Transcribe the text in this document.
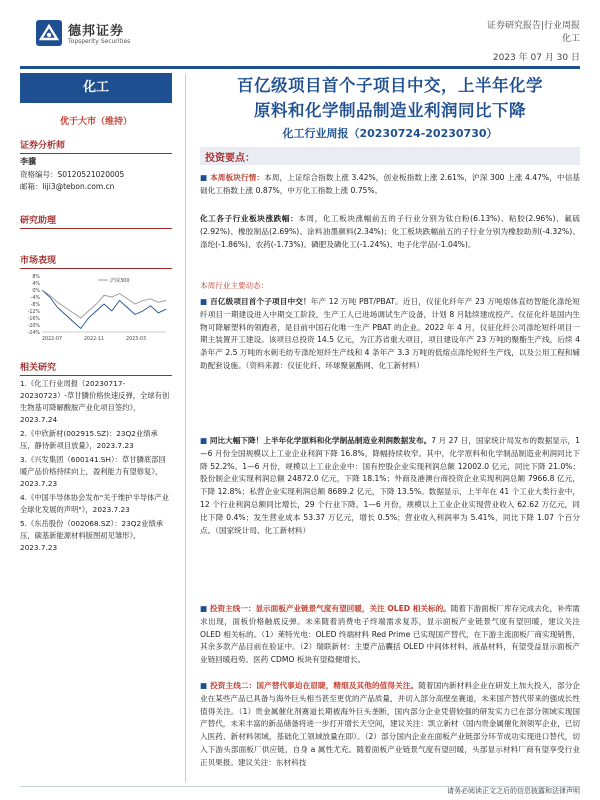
德邦证券
Topsperity Securities
证券研究报告|行业周报
化工
2023 年 07 月 30 日
化工
优于大市（维持）
证券分析师
李骥
资格编号：S0120521020005
邮箱：liji3@tebon.com.cn
研究助理
市场表现
8%
4%
0%
-4%
-8%
-12%
-16%
-20%
-24%
2022-07	2022-11	2023-03
沪深300
相关研究
1.《化工行业周报（20230717-20230723）-草甘膦价格快速反弹，全球有创生物基可降解酸胺产业化项目签约》，2023.7.24
2.《中欣新材(002915.SZ)：23Q2业绩承压，静待新项目放量》，2023.7.23
3.《兴发集团（600141.SH）：草甘膦底部回暖产品价格持续向上，盈利能力有望修复》，2023.7.23
4.《中国半导体协会发布"关于维护半导体产业全球化发展的声明"》，2023.7.23
5.《东岳股份（002068.SZ）：23Q2业绩承压，碳基新能源材料版图初见雏形》，2023.7.23
百亿级项目首个子项目中交，上半年化学
原料和化学制品制造业利润同比下降
化工行业周报（20230724-20230730）
投资要点：
■ 本周板块行情：本周，上证综合指数上涨 3.42%，创业板指数上涨 2.61%，沪深 300 上涨 4.47%，中信基础化工指数上涨 0.87%，中万化工指数上涨 0.75%。
化工各子行业板块涨跌幅：本周，化工板块涨幅前五的子行业分别为钛白粉(6.13%)、粘胶(2.96%)、氟硫(2.92%)、橡胶制品(2.69%)、涂料油墨颜料(2.34%)；化工板块跌幅前五的子行业分别为橡胶助剂(-4.32%)、涤纶(-1.86%)、农药(-1.73%)、磷肥及磷化工(-1.24%)、电子化学品(-1.04%)。
本周行业主要动态：
■ 百亿级项目首个子项目中交！年产 12 万吨 PBT/PBAT。近日，仪征化纤年产 23 万吨熔体直纺智能化涤纶短纤项目一期建设进入中期交工阶段，生产工人已进场调试生产设备，计划 8 月陆续建成投产。仪征化纤是国内生物可降解塑料的领跑者，是目前中国石化唯一生产 PBAT 的企业。2022 年 4 月，仪征化纤公司涤纶短纤项目一期主装置开工建设。该项目总投资 14.5 亿元，为江苏省重大项目，项目建设年产 23 万吨的聚酯生产线，后续 4 条年产 2.5 万吨的水刺毛纺专涤纶短纤生产线和 4 条年产 3.3 万吨的低熔点涤纶短纤生产线，以及公用工程和辅助配套设施。（资料来源：仪征化纤、环球聚氨酯网、化工新材料）
■ 同比大幅下降！上半年化学原料和化学制品制造业利润数据发布。7 月 27 日，国家统计局发布的数据显示，1—6 月份全国规模以上工业企业利润下降 16.8%，降幅持续收窄。其中，化学原料和化学制品制造业利润同比下降 52.2%。1—6 月份，规模以上工业企业中：国有控股企业实现利润总额 12002.0 亿元，同比下降 21.0%；股份制企业实现利润总额 24872.0 亿元，下降 18.1%；外商及港澳台商投资企业实现利润总额 7966.8 亿元，下降 12.8%；私营企业实现利润总额 8689.2 亿元，下降 13.5%。数据显示，上半年在 41 个工业大类行业中，12 个行业利润总额同比增长，29 个行业下降。1—6 月份，规模以上工业企业实现营业收入 62.62 万亿元，同比下降 0.4%；发生营业成本 53.37 万亿元，增长 0.5%；营业收入利润率为 5.41%，同比下降 1.07 个百分点。（国家统计局、化工新材料）
■ 投资主线一：显示面板产业链景气度有望回暖，关注 OLED 相关标的。随着下游面板厂库存完成去化，补库需求出现，面板价格触底反弹。未来随着消费电子终端需求复苏，显示面板产业链景气度有望回暖，建议关注 OLED 相关标的。（1）莱特光电：OLED 终端材料 Red Prime 已实现国产替代，在下游主流面板厂商实现销售，其余多款产品目前在验证中。（2）瑞联新材：主要产品囊括 OLED 中间体材料、液晶材料，有望受益显示面板产业链回暖趋势。医药 CDMO 板块有望稳健增长。
■ 投资主线二：国产替代事迫在眉睫，精细及其他的值得关注。随着国内新材料企业在研发上加大投入，部分企业在某些产品已具备与海外巨头相当甚至更优的产品质量，并切入部分高壁垒赛道，未来国产替代带来的强成长性值得关注。（1）贵金属催化剂赛道长期被海外巨头垄断，国内部分企业凭借较强的研发实力已在部分领域实现国产替代，未来丰富的新品储备将进一步打开增长天空间，建议关注：凯立新材（国内贵金属催化剂领军企业，已切入医药、新材料领域，基础化工领域放量在即）。（2）部分国内企业在面板产业链部分环节成功实现进口替代，切入下游头部面板厂供应链，自身 a 属性尤充。随着面板产业链景气度有望回暖，头部显示材料厂商有望享受行业正贝果报。建议关注：东材科技
请务必阅读正文之后的信息披露和法律声明
